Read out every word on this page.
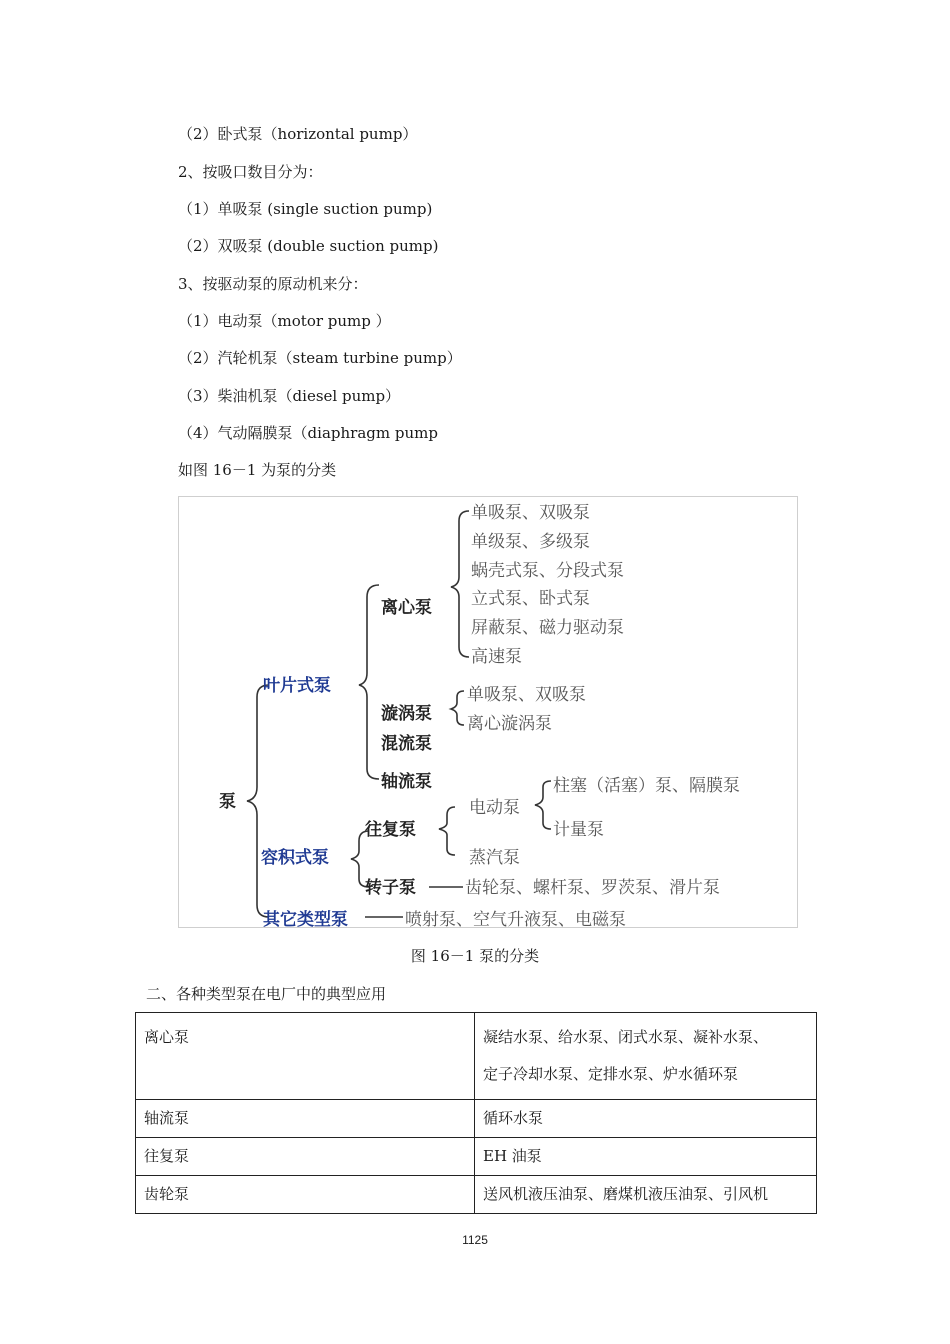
（2）卧式泵（horizontal pump）
2、按吸口数目分为：
（1）单吸泵 (single suction pump)
（2）双吸泵 (double suction pump)
3、按驱动泵的原动机来分：
（1）电动泵（motor pump ）
（2）汽轮机泵（steam turbine pump）
（3）柴油机泵（diesel pump）
（4）气动隔膜泵（diaphragm pump
如图 16－1 为泵的分类
泵
离心泵
漩涡泵
混流泵
轴流泵
往复泵
转子泵
叶片式泵
容积式泵
其它类型泵
单吸泵、双吸泵
单级泵、多级泵
蜗壳式泵、分段式泵
立式泵、卧式泵
屏蔽泵、磁力驱动泵
高速泵
单吸泵、双吸泵
离心漩涡泵
电动泵
蒸汽泵
柱塞（活塞）泵、隔膜泵
计量泵
齿轮泵、螺杆泵、罗茨泵、滑片泵
喷射泵、空气升液泵、电磁泵
图 16－1 泵的分类
二、各种类型泵在电厂中的典型应用
离心泵	凝结水泵、给水泵、闭式水泵、凝补水泵、
定子冷却水泵、定排水泵、炉水循环泵

轴流泵	循环水泵
往复泵	EH 油泵
齿轮泵	送风机液压油泵、磨煤机液压油泵、引风机
1125
